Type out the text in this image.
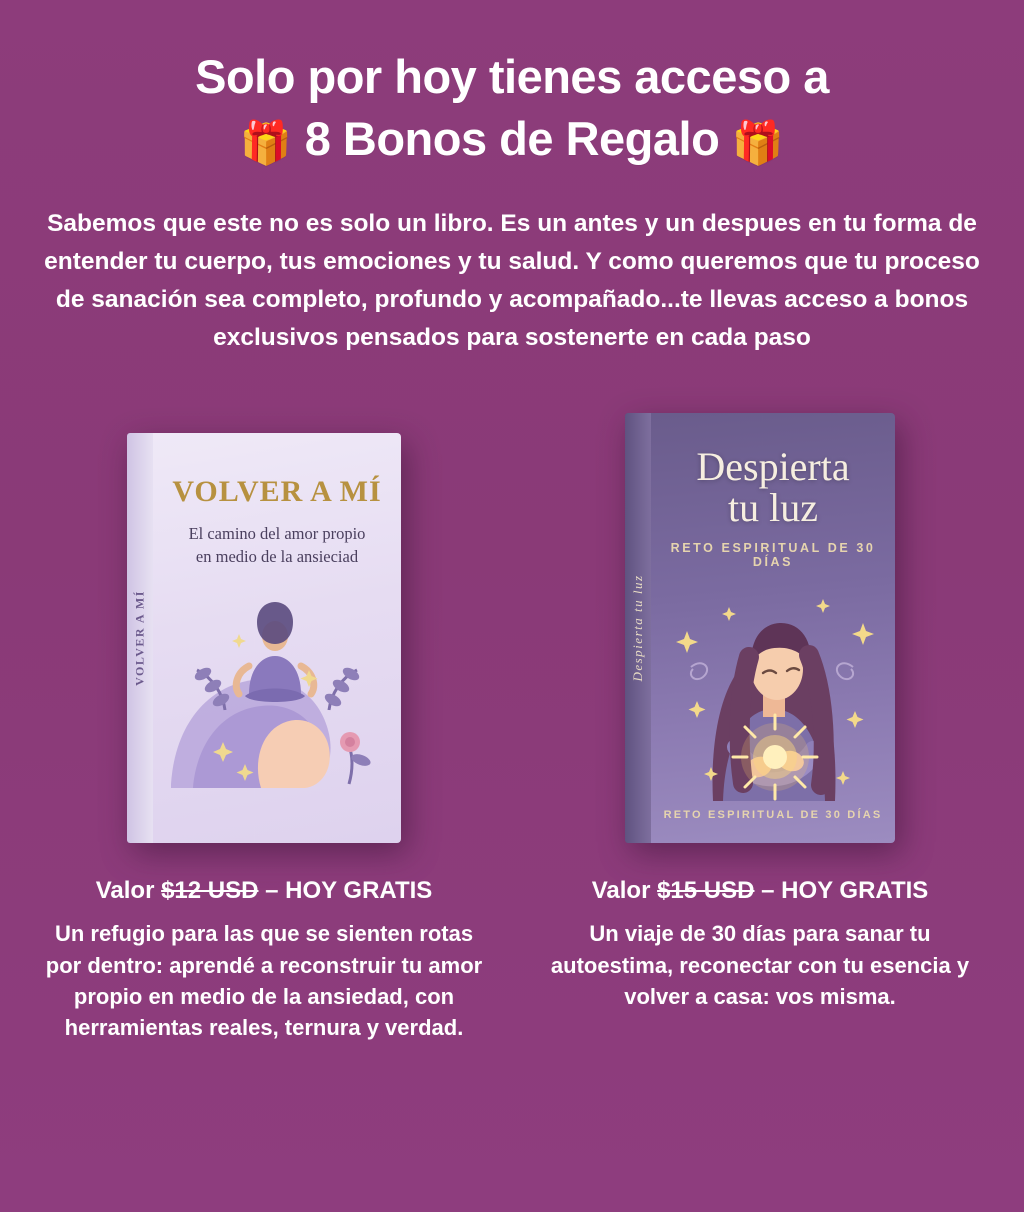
Solo por hoy tienes acceso a
🎁 8 Bonos de Regalo 🎁

Sabemos que este no es solo un libro. Es un antes y un despues en tu forma de entender tu cuerpo, tus emociones y tu salud. Y como queremos que tu proceso de sanación sea completo, profundo y acompañado...te llevas acceso a bonos exclusivos pensados para sostenerte en cada paso

VOLVER A MÍ
VOLVER A MÍ
El camino del amor propio
en medio de la ansieciad
Valor $12 USD – HOY GRATIS

Un refugio para las que se sienten rotas por dentro: aprendé a reconstruir tu amor propio en medio de la ansiedad, con herramientas reales, ternura y verdad.

Despierta tu luz
Despierta
tu luz
RETO ESPIRITUAL DE 30 DÍAS
RETO ESPIRITUAL DE 30 DÍAS
Valor $15 USD – HOY GRATIS

Un viaje de 30 días para sanar tu autoestima, reconectar con tu esencia y volver a casa: vos misma.
